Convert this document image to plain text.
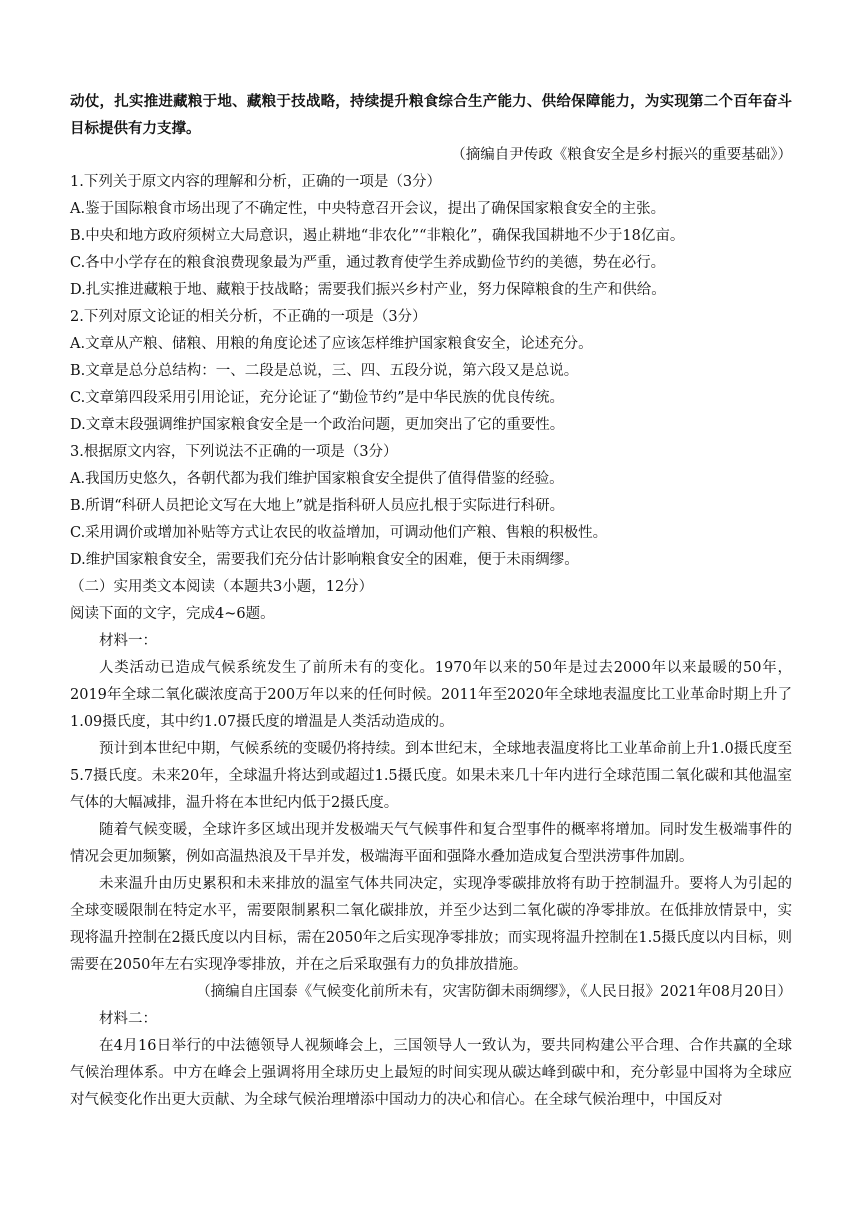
动仗，扎实推进藏粮于地、藏粮于技战略，持续提升粮食综合生产能力、供给保障能力，为实现第二个百年奋斗目标提供有力支撑。

（摘编自尹传政《粮食安全是乡村振兴的重要基础》）

1.下列关于原文内容的理解和分析，正确的一项是（3分）

A.鉴于国际粮食市场出现了不确定性，中央特意召开会议，提出了确保国家粮食安全的主张。

B.中央和地方政府须树立大局意识，遏止耕地“非农化”“非粮化”，确保我国耕地不少于18亿亩。

C.各中小学存在的粮食浪费现象最为严重，通过教育使学生养成勤俭节约的美德，势在必行。

D.扎实推进藏粮于地、藏粮于技战略；需要我们振兴乡村产业，努力保障粮食的生产和供给。

2.下列对原文论证的相关分析，不正确的一项是（3分）

A.文章从产粮、储粮、用粮的角度论述了应该怎样维护国家粮食安全，论述充分。

B.文章是总分总结构：一、二段是总说，三、四、五段分说，第六段又是总说。

C.文章第四段采用引用论证，充分论证了“勤俭节约”是中华民族的优良传统。

D.文章末段强调维护国家粮食安全是一个政治问题，更加突出了它的重要性。

3.根据原文内容，下列说法不正确的一项是（3分）

A.我国历史悠久，各朝代都为我们维护国家粮食安全提供了值得借鉴的经验。

B.所谓“科研人员把论文写在大地上”就是指科研人员应扎根于实际进行科研。

C.采用调价或增加补贴等方式让农民的收益增加，可调动他们产粮、售粮的积极性。

D.维护国家粮食安全，需要我们充分估计影响粮食安全的困难，便于未雨绸缪。

（二）实用类文本阅读（本题共3小题，12分）

阅读下面的文字，完成4~6题。

材料一：

人类活动已造成气候系统发生了前所未有的变化。1970年以来的50年是过去2000年以来最暖的50年，2019年全球二氧化碳浓度高于200万年以来的任何时候。2011年至2020年全球地表温度比工业革命时期上升了1.09摄氏度，其中约1.07摄氏度的增温是人类活动造成的。

预计到本世纪中期，气候系统的变暖仍将持续。到本世纪末，全球地表温度将比工业革命前上升1.0摄氏度至5.7摄氏度。未来20年，全球温升将达到或超过1.5摄氏度。如果未来几十年内进行全球范围二氧化碳和其他温室气体的大幅减排，温升将在本世纪内低于2摄氏度。

随着气候变暖，全球许多区域出现并发极端天气气候事件和复合型事件的概率将增加。同时发生极端事件的情况会更加频繁，例如高温热浪及干旱并发，极端海平面和强降水叠加造成复合型洪涝事件加剧。

未来温升由历史累积和未来排放的温室气体共同决定，实现净零碳排放将有助于控制温升。要将人为引起的全球变暖限制在特定水平，需要限制累积二氧化碳排放，并至少达到二氧化碳的净零排放。在低排放情景中，实现将温升控制在2摄氏度以内目标，需在2050年之后实现净零排放；而实现将温升控制在1.5摄氏度以内目标，则需要在2050年左右实现净零排放，并在之后采取强有力的负排放措施。

（摘编自庄国泰《气候变化前所未有，灾害防御未雨绸缪》，《人民日报》2021年08月20日）

材料二：

在4月16日举行的中法德领导人视频峰会上，三国领导人一致认为，要共同构建公平合理、合作共赢的全球气候治理体系。中方在峰会上强调将用全球历史上最短的时间实现从碳达峰到碳中和，充分彰显中国将为全球应对气候变化作出更大贡献、为全球气候治理增添中国动力的决心和信心。在全球气候治理中，中国反对
